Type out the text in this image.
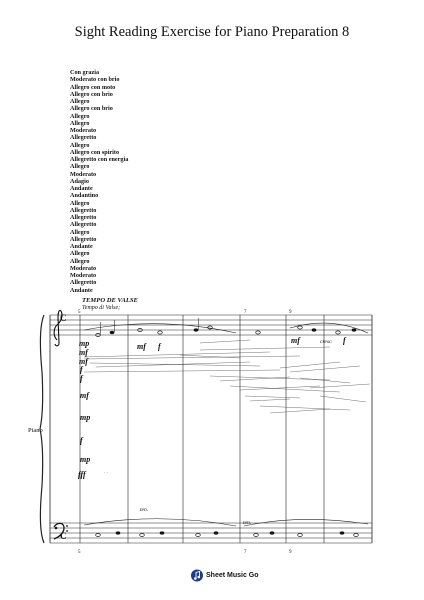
Sight Reading Exercise for Piano Preparation 8
Con grazia
Moderato con brio
Allegro con moto
Allegro con brio
Allegro
Allegro con brio
Allegro
Allegro
Moderato
Allegretto
Allegro
Allegro con spirito
Allegretto con energia
Allegro
Moderato
Adagio
Andante
Andantino
Allegro
Allegretto
Allegretto
Allegretto
Allegro
Allegretto
Andante
Allegro
Allegro
Moderato
Moderato
Allegretto
Andante
TEMPO DE VALSE
Tempo di Valse;
Piano
C
C
5	7	9
5	7	9
mp
mf
mf
f
f
mf
mp
f
mp
fff
mf f
mf	f
cresc.
ten.
ten.
· ·
Sheet Music Go
